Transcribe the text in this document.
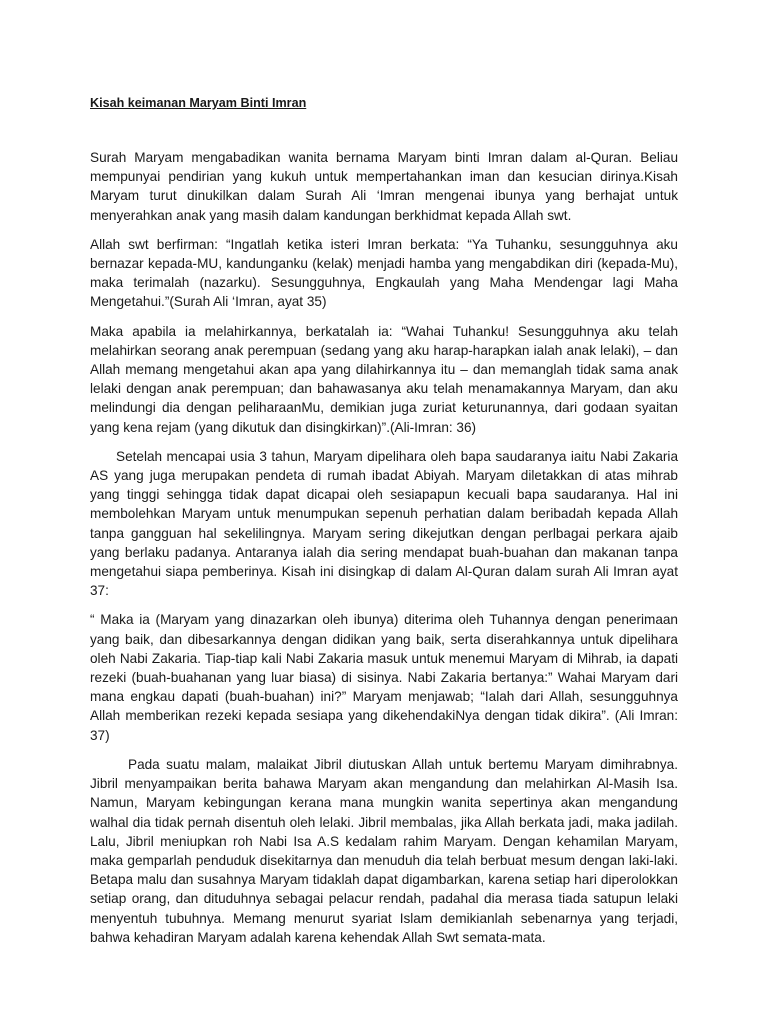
Kisah keimanan Maryam Binti Imran

Surah Maryam mengabadikan wanita bernama Maryam binti Imran dalam al-Quran. Beliau mempunyai pendirian yang kukuh untuk mempertahankan iman dan kesucian dirinya.Kisah Maryam turut dinukilkan dalam Surah Ali ‘Imran mengenai ibunya yang berhajat untuk menyerahkan anak yang masih dalam kandungan berkhidmat kepada Allah swt.

Allah swt berfirman: “Ingatlah ketika isteri Imran berkata: “Ya Tuhanku, sesungguhnya aku bernazar kepada-MU, kandunganku (kelak) menjadi hamba yang mengabdikan diri (kepada-Mu), maka terimalah (nazarku). Sesungguhnya, Engkaulah yang Maha Mendengar lagi Maha Mengetahui.”(Surah Ali ‘Imran, ayat 35)

Maka apabila ia melahirkannya, berkatalah ia: “Wahai Tuhanku! Sesungguhnya aku telah melahirkan seorang anak perempuan (sedang yang aku harap-harapkan ialah anak lelaki), – dan Allah memang mengetahui akan apa yang dilahirkannya itu – dan memanglah tidak sama anak lelaki dengan anak perempuan; dan bahawasanya aku telah menamakannya Maryam, dan aku melindungi dia dengan peliharaanMu, demikian juga zuriat keturunannya, dari godaan syaitan yang kena rejam (yang dikutuk dan disingkirkan)”.(Ali-Imran: 36)

Setelah mencapai usia 3 tahun, Maryam dipelihara oleh bapa saudaranya iaitu Nabi Zakaria AS yang juga merupakan pendeta di rumah ibadat Abiyah. Maryam diletakkan di atas mihrab yang tinggi sehingga tidak dapat dicapai oleh sesiapapun kecuali bapa saudaranya. Hal ini membolehkan Maryam untuk menumpukan sepenuh perhatian dalam beribadah kepada Allah tanpa gangguan hal sekelilingnya. Maryam sering dikejutkan dengan perlbagai perkara ajaib yang berlaku padanya. Antaranya ialah dia sering mendapat buah-buahan dan makanan tanpa mengetahui siapa pemberinya. Kisah ini disingkap di dalam Al-Quran dalam surah Ali Imran ayat 37:

“ Maka ia (Maryam yang dinazarkan oleh ibunya) diterima oleh Tuhannya dengan penerimaan yang baik, dan dibesarkannya dengan didikan yang baik, serta diserahkannya untuk dipelihara oleh Nabi Zakaria. Tiap-tiap kali Nabi Zakaria masuk untuk menemui Maryam di Mihrab, ia dapati rezeki (buah-buahanan yang luar biasa) di sisinya. Nabi Zakaria bertanya:” Wahai Maryam dari mana engkau dapati (buah-buahan) ini?” Maryam menjawab; “Ialah dari Allah, sesungguhnya Allah memberikan rezeki kepada sesiapa yang dikehendakiNya dengan tidak dikira”. (Ali Imran: 37)

Pada suatu malam, malaikat Jibril diutuskan Allah untuk bertemu Maryam dimihrabnya. Jibril menyampaikan berita bahawa Maryam akan mengandung dan melahirkan Al-Masih Isa. Namun, Maryam kebingungan kerana mana mungkin wanita sepertinya akan mengandung walhal dia tidak pernah disentuh oleh lelaki. Jibril membalas, jika Allah berkata jadi, maka jadilah. Lalu, Jibril meniupkan roh Nabi Isa A.S kedalam rahim Maryam. Dengan kehamilan Maryam, maka gemparlah penduduk disekitarnya dan menuduh dia telah berbuat mesum dengan laki-laki. Betapa malu dan susahnya Maryam tidaklah dapat digambarkan, karena setiap hari diperolokkan setiap orang, dan dituduhnya sebagai pelacur rendah, padahal dia merasa tiada satupun lelaki menyentuh tubuhnya. Memang menurut syariat Islam demikianlah sebenarnya yang terjadi, bahwa kehadiran Maryam adalah karena kehendak Allah Swt semata-mata.
